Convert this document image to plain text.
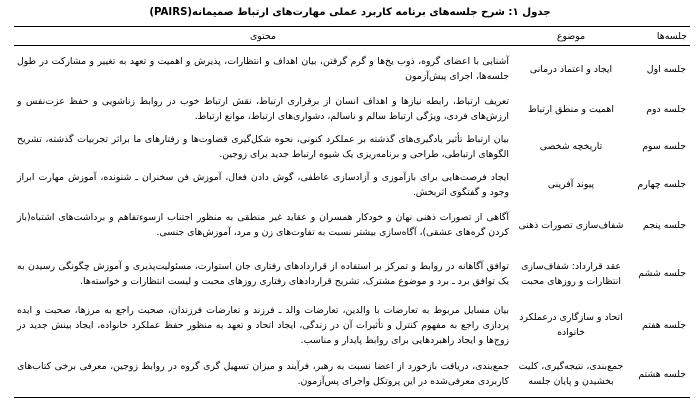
جدول ۱: شرح جلسه‌های برنامه کاربرد عملی مهارت‌های ارتباط صمیمانه(PAIRS)
جلسه‌ها	موضوع	محتوی
جلسه اول	ایجاد و اعتماد درمانی	آشنایی با اعضای گروه، ذوب یخ‌ها و گرم گرفتن، بیان اهداف و انتظارات، پذیرش و اهمیت و تعهد به تغییر و مشارکت در طول جلسه‌ها، اجرای پیش‌آزمون
جلسه دوم	اهمیت و منطق ارتباط	تعریف ارتباط، رابطه نیازها و اهداف انسان از برقراری ارتباط، نقش ارتباط خوب در روابط زناشویی و حفظ عزت‌نفس و ارزش‌های فردی، ویژگی ارتباط سالم و ناسالم، دشواری‌های ارتباط، موانع ارتباط.
جلسه سوم	تاریخچه شخصی	بیان ارتباط تأثیر یادگیری‌های گذشته بر عملکرد کنونی، نحوه شکل‌گیری قضاوت‌ها و رفتارهای ما براثر تجربیات گذشته، تشریح الگوهای ارتباطی، طراحی و برنامه‌ریزی یک شیوه ارتباط جدید برای زوجین.
جلسه چهارم	پیوند آفرینی	ایجاد فرصت‌هایی برای بازآموزی و آزادسازی عاطفی، گوش دادن فعال، آموزش فن سخنران ـ شنونده، آموزش مهارت ابراز وجود و گفتگوی اثربخش.
جلسه پنجم	شفاف‌سازی تصورات ذهنی	آگاهی از تصورات ذهنی نهان و خودکار همسران و عقاید غیر منطقی به منظور اجتناب ازسوءتفاهم و برداشت‌های اشتباه(باز کردن گره‌های عشقی)، آگاه‌سازی بیشتر نسبت به تفاوت‌های زن و مرد، آموزش‌های جنسی.
جلسه ششم	عقد قرارداد: شفاف‌سازی انتظارات و روزهای محبت	توافق آگاهانه در روابط و تمرکز بر استفاده از قراردادهای رفتاری جان استوارت، مسئولیت‌پذیری و آموزش چگونگی رسیدن به یک توافق برد ـ برد و موضوع مشترک، تشریح قراردادهای رفتاری روزهای محبت و لیست انتظارات و خواسته‌ها.
جلسه هفتم	اتحاد و سازگاری درعملکرد خانواده	بیان مسایل مربوط به تعارضات با والدین، تعارضات والد ـ فرزند و تعارضات فرزندان، صحبت راجع به مرزها، صحبت و ایده پردازی راجع به مفهوم کنترل و تأثیرات آن در زندگی، ایجاد اتحاد و تعهد به منظور حفظ عملکرد خانواده، ایجاد بینش جدید در زوج‌ها و ایجاد راهبردهایی برای روابط پایدار و مناسب.
جلسه هشتم	جمع‌بندی، نتیجه‌گیری، کلیت بخشیدن و پایان جلسه	جمع‌بندی، دریافت بازخورد از اعضا نسبت به رهبر، فرآیند و میزان تسهیل گری گروه در روابط زوجین، معرفی برخی کتاب‌های کاربردی معرفی‌شده در این پروتکل واجرای پس‌آزمون.
